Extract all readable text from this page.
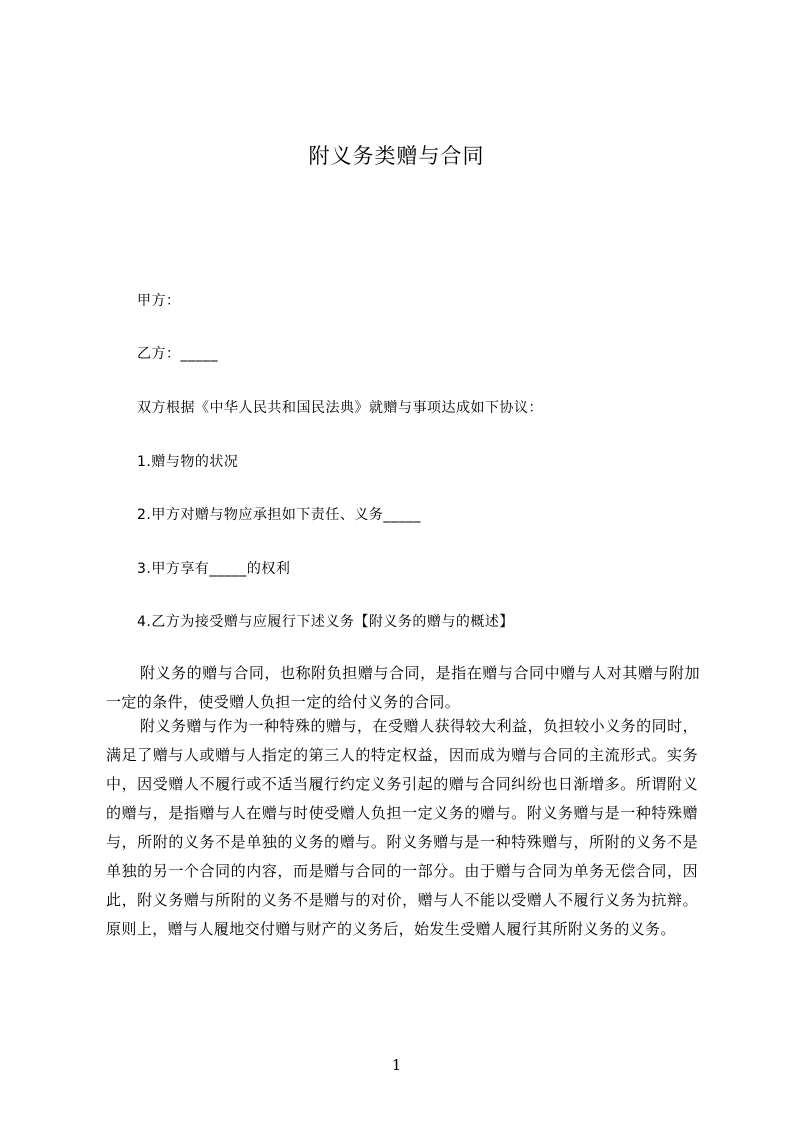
附义务类赠与合同
甲方：
乙方：_____
双方根据《中华人民共和国民法典》就赠与事项达成如下协议：
1.赠与物的状况
2.甲方对赠与物应承担如下责任、义务_____
3.甲方享有_____的权利
4.乙方为接受赠与应履行下述义务【附义务的赠与的概述】
附义务的赠与合同，也称附负担赠与合同，是指在赠与合同中赠与人对其赠与附加一定的条件，使受赠人负担一定的给付义务的合同。
附义务赠与作为一种特殊的赠与，在受赠人获得较大利益，负担较小义务的同时，满足了赠与人或赠与人指定的第三人的特定权益，因而成为赠与合同的主流形式。实务中，因受赠人不履行或不适当履行约定义务引起的赠与合同纠纷也日渐增多。所谓附义的赠与，是指赠与人在赠与时使受赠人负担一定义务的赠与。附义务赠与是一种特殊赠与，所附的义务不是单独的义务的赠与。附义务赠与是一种特殊赠与，所附的义务不是单独的另一个合同的内容，而是赠与合同的一部分。由于赠与合同为单务无偿合同，因此，附义务赠与所附的义务不是赠与的对价，赠与人不能以受赠人不履行义务为抗辩。原则上，赠与人履地交付赠与财产的义务后，始发生受赠人履行其所附义务的义务。
1
